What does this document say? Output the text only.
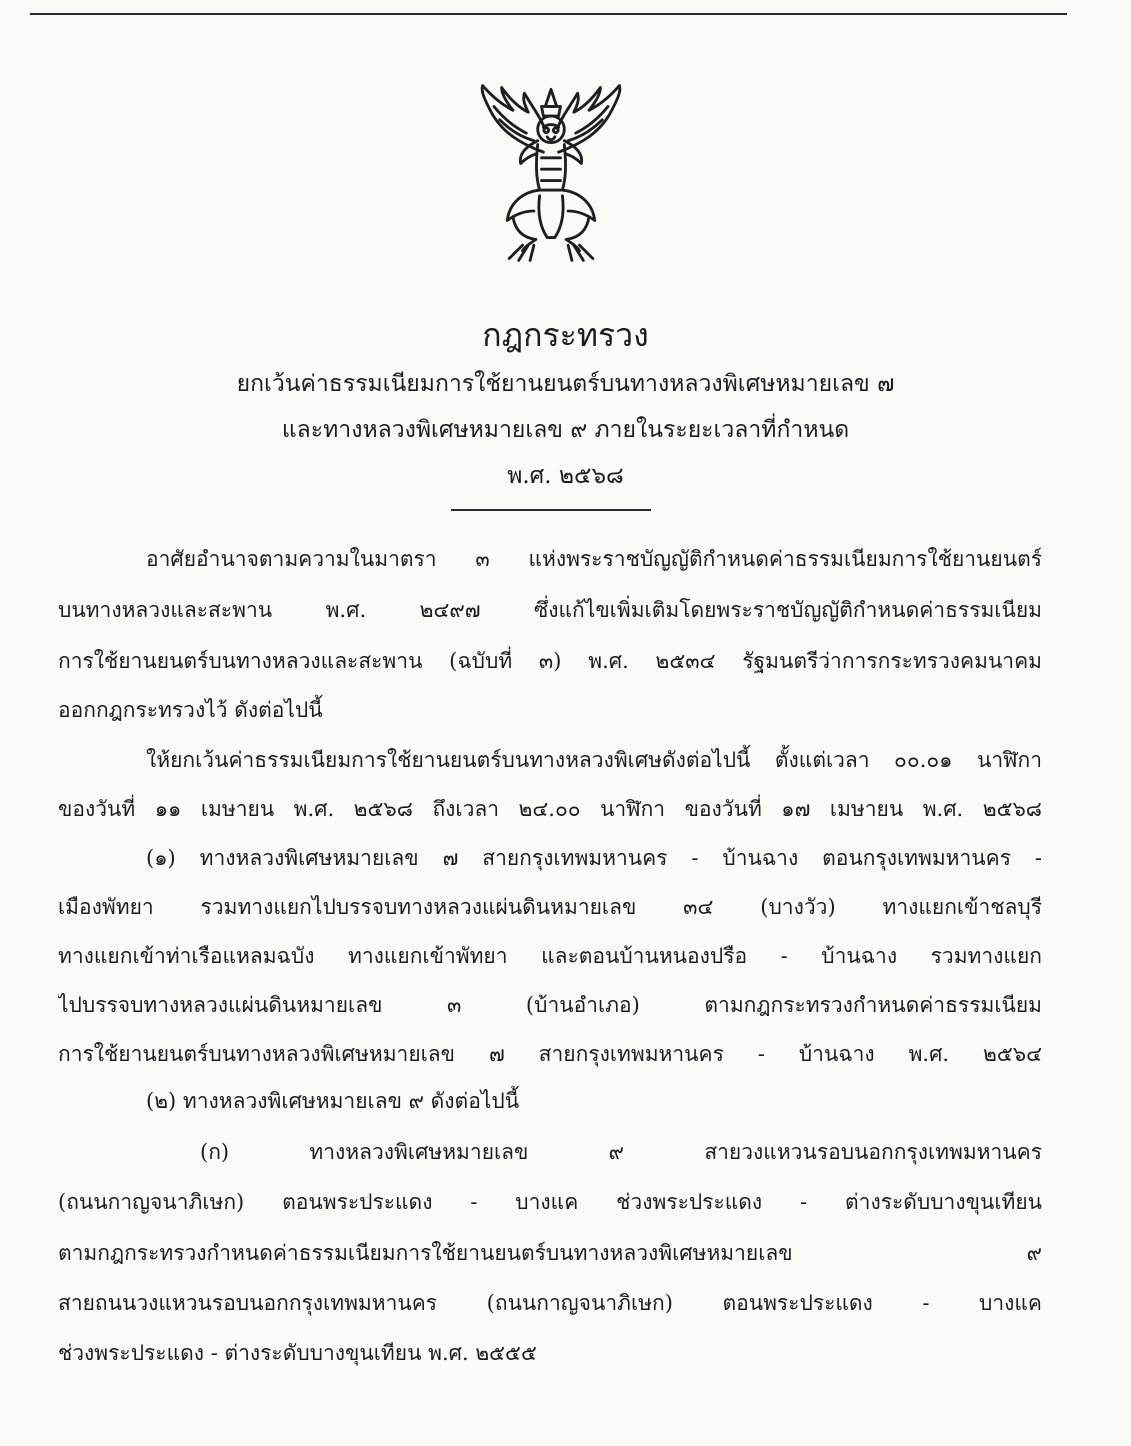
กฎกระทรวง
ยกเว้นค่าธรรมเนียมการใช้ยานยนตร์บนทางหลวงพิเศษหมายเลข ๗
และทางหลวงพิเศษหมายเลข ๙ ภายในระยะเวลาที่กำหนด
พ.ศ. ๒๕๖๘
อาศัยอำนาจตามความในมาตรา ๓ แห่งพระราชบัญญัติกำหนดค่าธรรมเนียมการใช้ยานยนตร์
บนทางหลวงและสะพาน พ.ศ. ๒๔๙๗ ซึ่งแก้ไขเพิ่มเติมโดยพระราชบัญญัติกำหนดค่าธรรมเนียม
การใช้ยานยนตร์บนทางหลวงและสะพาน (ฉบับที่ ๓) พ.ศ. ๒๕๓๔ รัฐมนตรีว่าการกระทรวงคมนาคม
ออกกฎกระทรวงไว้ ดังต่อไปนี้
ให้ยกเว้นค่าธรรมเนียมการใช้ยานยนตร์บนทางหลวงพิเศษดังต่อไปนี้ ตั้งแต่เวลา ๐๐.๐๑ นาฬิกา
ของวันที่ ๑๑ เมษายน พ.ศ. ๒๕๖๘ ถึงเวลา ๒๔.๐๐ นาฬิกา ของวันที่ ๑๗ เมษายน พ.ศ. ๒๕๖๘
(๑) ทางหลวงพิเศษหมายเลข ๗ สายกรุงเทพมหานคร - บ้านฉาง ตอนกรุงเทพมหานคร -
เมืองพัทยา รวมทางแยกไปบรรจบทางหลวงแผ่นดินหมายเลข ๓๔ (บางวัว) ทางแยกเข้าชลบุรี
ทางแยกเข้าท่าเรือแหลมฉบัง ทางแยกเข้าพัทยา และตอนบ้านหนองปรือ - บ้านฉาง รวมทางแยก
ไปบรรจบทางหลวงแผ่นดินหมายเลข ๓ (บ้านอำเภอ) ตามกฎกระทรวงกำหนดค่าธรรมเนียม
การใช้ยานยนตร์บนทางหลวงพิเศษหมายเลข ๗ สายกรุงเทพมหานคร - บ้านฉาง พ.ศ. ๒๕๖๔
(๒) ทางหลวงพิเศษหมายเลข ๙ ดังต่อไปนี้
(ก) ทางหลวงพิเศษหมายเลข ๙ สายวงแหวนรอบนอกกรุงเทพมหานคร
(ถนนกาญจนาภิเษก) ตอนพระประแดง - บางแค ช่วงพระประแดง - ต่างระดับบางขุนเทียน
ตามกฎกระทรวงกำหนดค่าธรรมเนียมการใช้ยานยนตร์บนทางหลวงพิเศษหมายเลข ๙
สายถนนวงแหวนรอบนอกกรุงเทพมหานคร (ถนนกาญจนาภิเษก) ตอนพระประแดง - บางแค
ช่วงพระประแดง - ต่างระดับบางขุนเทียน พ.ศ. ๒๕๕๕
